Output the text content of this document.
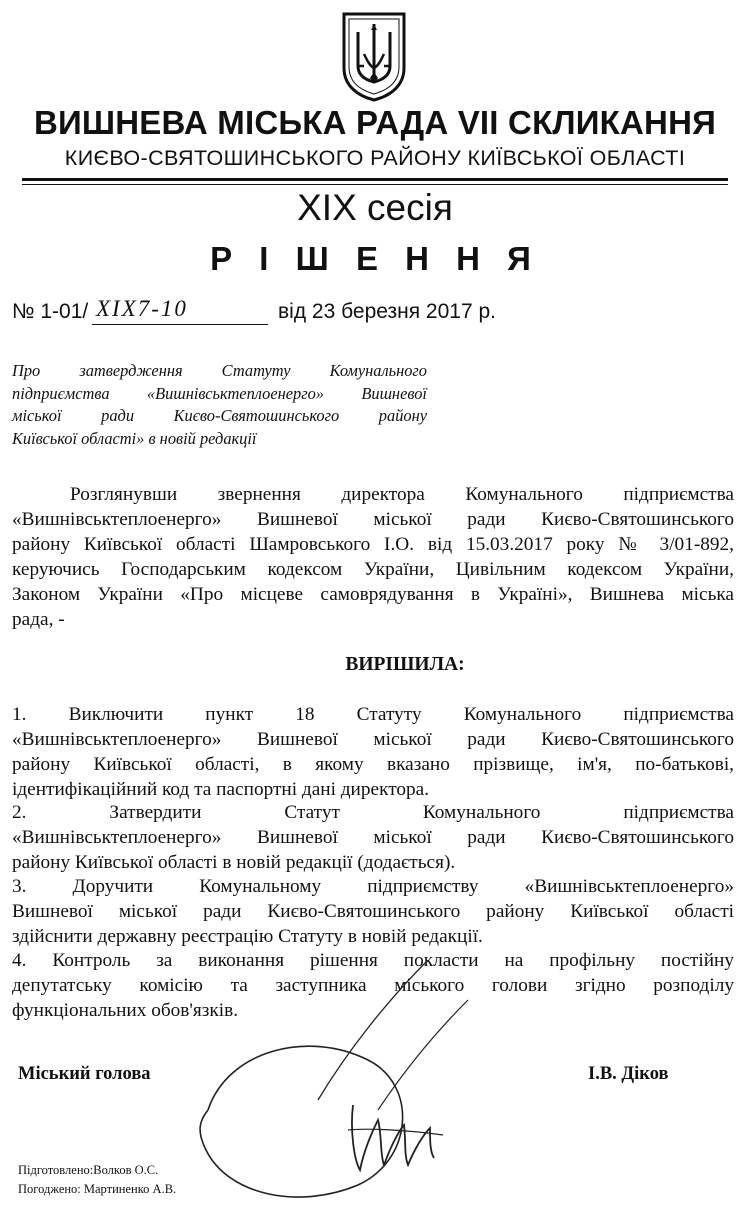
ВИШНЕВА МІСЬКА РАДА VII СКЛИКАННЯ
КИЄВО-СВЯТОШИНСЬКОГО РАЙОНУ КИЇВСЬКОЇ ОБЛАСТІ
XIX сесія
Р І Ш Е Н Н Я
№ 1-01/ XIX7-10	від 23 березня 2017 р.
Про затвердження Статуту Комунального
підприємства «Вишнівськтеплоенерго» Вишневої
міської ради Києво-Святошинського району
Київської області» в новій редакції
Розглянувши звернення директора Комунального підприємства
«Вишнівськтеплоенерго» Вишневої міської ради Києво-Святошинського
району Київської області Шамровського І.О. від 15.03.2017 року № 3/01-892,
керуючись Господарським кодексом України, Цивільним кодексом України,
Законом України «Про місцеве самоврядування в Україні», Вишнева міська
рада, -
ВИРІШИЛА:
1. Виключити пункт 18 Статуту Комунального підприємства
«Вишнівськтеплоенерго» Вишневої міської ради Києво-Святошинського
району Київської області, в якому вказано прізвище, ім'я, по-батькові,
ідентифікаційний код та паспортні дані директора.
2. Затвердити Статут Комунального підприємства
«Вишнівськтеплоенерго» Вишневої міської ради Києво-Святошинського
району Київської області в новій редакції (додається).
3. Доручити Комунальному підприємству «Вишнівськтеплоенерго»
Вишневої міської ради Києво-Святошинського району Київської області
здійснити державну реєстрацію Статуту в новій редакції.
4. Контроль за виконання рішення покласти на профільну постійну
депутатську комісію та заступника міського голови згідно розподілу
функціональних обов'язків.
Міський голова	І.В. Діков
Підготовлено:Волков О.С.
Погоджено: Мартиненко А.В.
